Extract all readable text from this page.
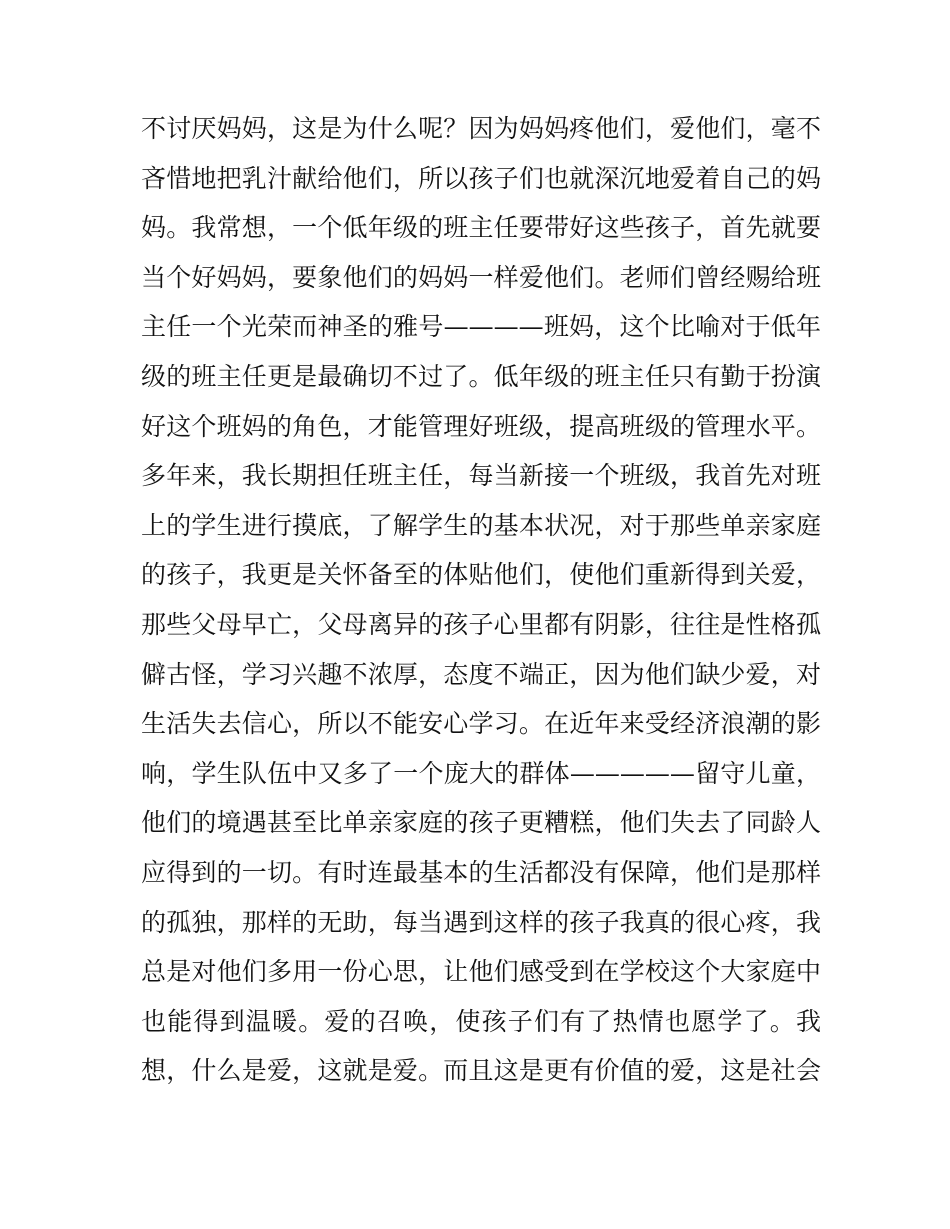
不讨厌妈妈，这是为什么呢？因为妈妈疼他们，爱他们，毫不
吝惜地把乳汁献给他们，所以孩子们也就深沉地爱着自己的妈
妈。我常想，一个低年级的班主任要带好这些孩子，首先就要
当个好妈妈，要象他们的妈妈一样爱他们。老师们曾经赐给班
主任一个光荣而神圣的雅号————班妈，这个比喻对于低年
级的班主任更是最确切不过了。低年级的班主任只有勤于扮演
好这个班妈的角色，才能管理好班级，提高班级的管理水平。
多年来，我长期担任班主任，每当新接一个班级，我首先对班
上的学生进行摸底，了解学生的基本状况，对于那些单亲家庭
的孩子，我更是关怀备至的体贴他们，使他们重新得到关爱，
那些父母早亡，父母离异的孩子心里都有阴影，往往是性格孤
僻古怪，学习兴趣不浓厚，态度不端正，因为他们缺少爱，对
生活失去信心，所以不能安心学习。在近年来受经济浪潮的影
响，学生队伍中又多了一个庞大的群体—————留守儿童，
他们的境遇甚至比单亲家庭的孩子更糟糕，他们失去了同龄人
应得到的一切。有时连最基本的生活都没有保障，他们是那样
的孤独，那样的无助，每当遇到这样的孩子我真的很心疼，我
总是对他们多用一份心思，让他们感受到在学校这个大家庭中
也能得到温暖。爱的召唤，使孩子们有了热情也愿学了。我
想，什么是爱，这就是爱。而且这是更有价值的爱，这是社会
